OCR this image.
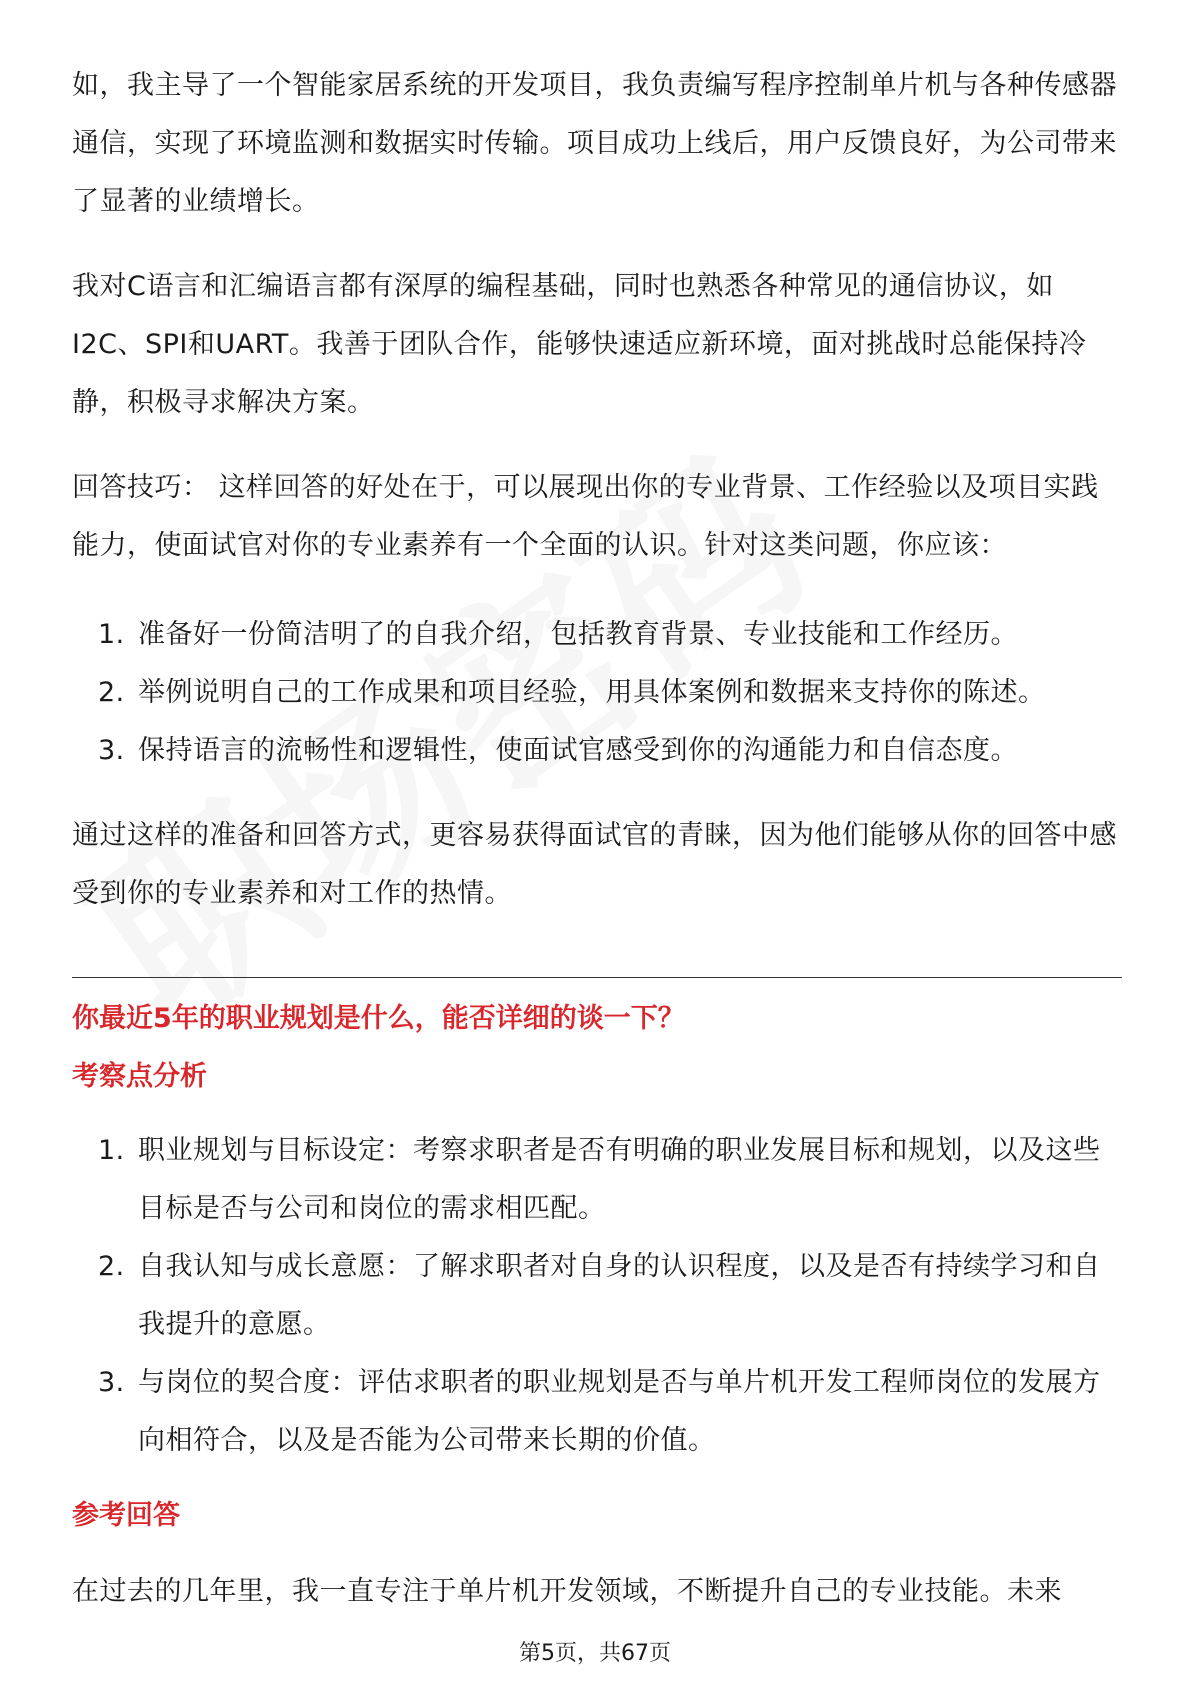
如，我主导了一个智能家居系统的开发项目，我负责编写程序控制单片机与各种传感器通信，实现了环境监测和数据实时传输。项目成功上线后，用户反馈良好，为公司带来了显著的业绩增长。

我对C语言和汇编语言都有深厚的编程基础，同时也熟悉各种常见的通信协议，如I2C、SPI和UART。我善于团队合作，能够快速适应新环境，面对挑战时总能保持冷静，积极寻求解决方案。

回答技巧： 这样回答的好处在于，可以展现出你的专业背景、工作经验以及项目实践能力，使面试官对你的专业素养有一个全面的认识。针对这类问题，你应该：

1. 准备好一份简洁明了的自我介绍，包括教育背景、专业技能和工作经历。
2. 举例说明自己的工作成果和项目经验，用具体案例和数据来支持你的陈述。
3. 保持语言的流畅性和逻辑性，使面试官感受到你的沟通能力和自信态度。

通过这样的准备和回答方式，更容易获得面试官的青睐，因为他们能够从你的回答中感受到你的专业素养和对工作的热情。

你最近5年的职业规划是什么，能否详细的谈一下？

考察点分析

1. 职业规划与目标设定：考察求职者是否有明确的职业发展目标和规划，以及这些目标是否与公司和岗位的需求相匹配。
2. 自我认知与成长意愿：了解求职者对自身的认识程度，以及是否有持续学习和自我提升的意愿。
3. 与岗位的契合度：评估求职者的职业规划是否与单片机开发工程师岗位的发展方向相符合，以及是否能为公司带来长期的价值。

参考回答

在过去的几年里，我一直专注于单片机开发领域，不断提升自己的专业技能。未来

第5页，共67页
